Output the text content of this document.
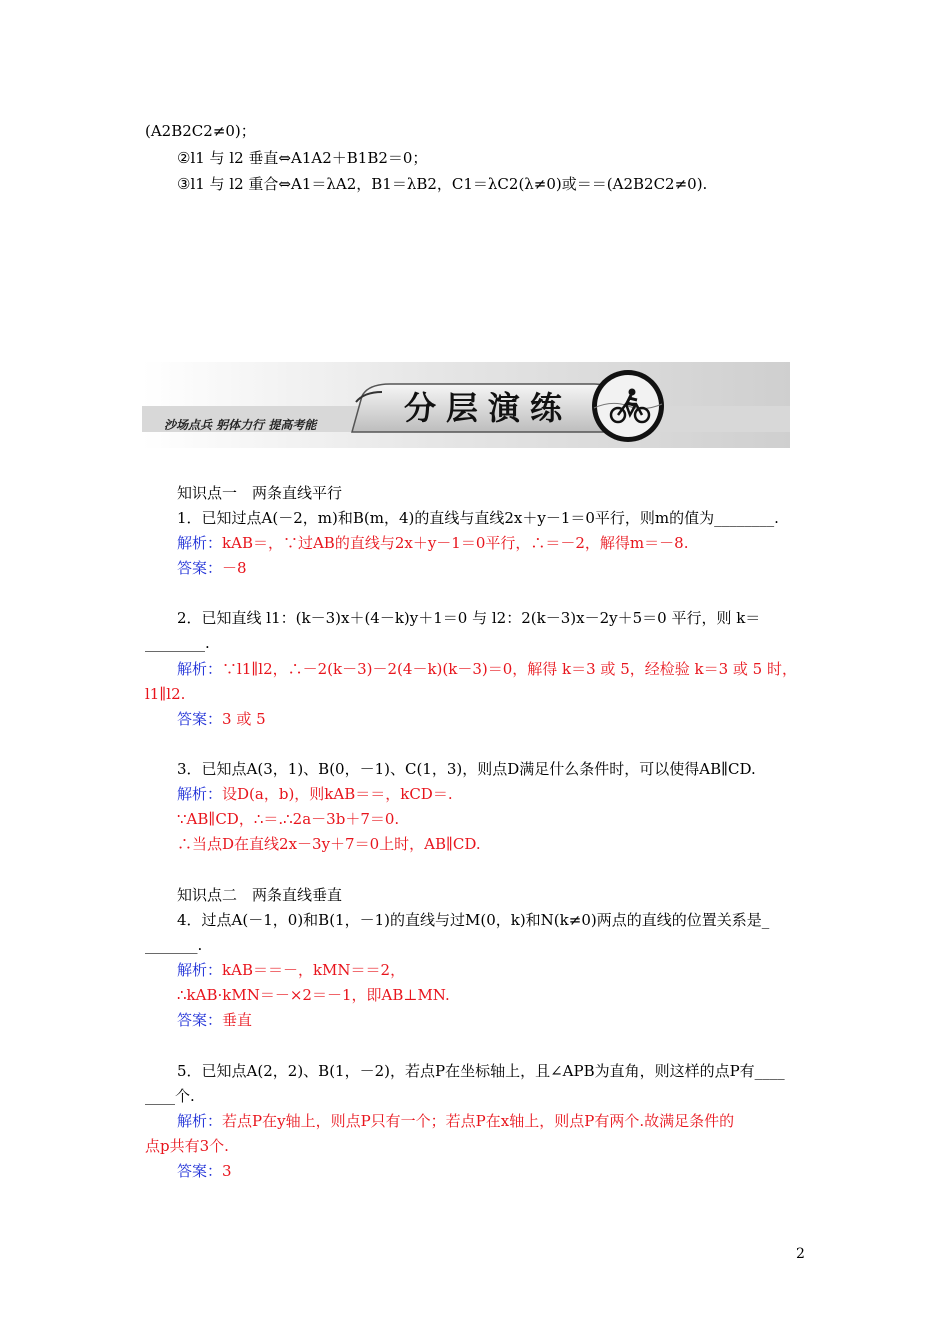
(A2B2C2≠0)；
②l1 与 l2 垂直⇔A1A2＋B1B2＝0；
③l1 与 l2 重合⇔A1＝λA2，B1＝λB2，C1＝λC2(λ≠0)或＝＝(A2B2C2≠0).
沙场点兵 躬体力行 提高考能	分层演练
知识点一　两条直线平行
1．已知过点A(－2，m)和B(m，4)的直线与直线2x＋y－1＝0平行，则m的值为________.
解析：kAB＝，∵过AB的直线与2x＋y－1＝0平行，∴＝－2，解得m＝－8.
答案：－8
2．已知直线 l1：(k－3)x＋(4－k)y＋1＝0 与 l2：2(k－3)x－2y＋5＝0 平行，则 k＝
________.
解析：∵l1∥l2，∴－2(k－3)－2(4－k)(k－3)＝0，解得 k＝3 或 5，经检验 k＝3 或 5 时，
l1∥l2.
答案：3 或 5
3．已知点A(3，1)、B(0，－1)、C(1，3)，则点D满足什么条件时，可以使得AB∥CD.
解析：设D(a，b)，则kAB＝＝，kCD＝.
∵AB∥CD，∴＝.∴2a－3b＋7＝0.
∴当点D在直线2x－3y＋7＝0上时，AB∥CD.
知识点二　两条直线垂直
4．过点A(－1，0)和B(1，－1)的直线与过M(0，k)和N(k≠0)两点的直线的位置关系是_
_______.
解析：kAB＝＝－，kMN＝＝2，
∴kAB·kMN＝－×2＝－1，即AB⊥MN.
答案：垂直
5．已知点A(2，2)、B(1，－2)，若点P在坐标轴上，且∠APB为直角，则这样的点P有____
____个.
解析：若点P在y轴上，则点P只有一个；若点P在x轴上，则点P有两个.故满足条件的
点p共有3个.
答案：3
2
